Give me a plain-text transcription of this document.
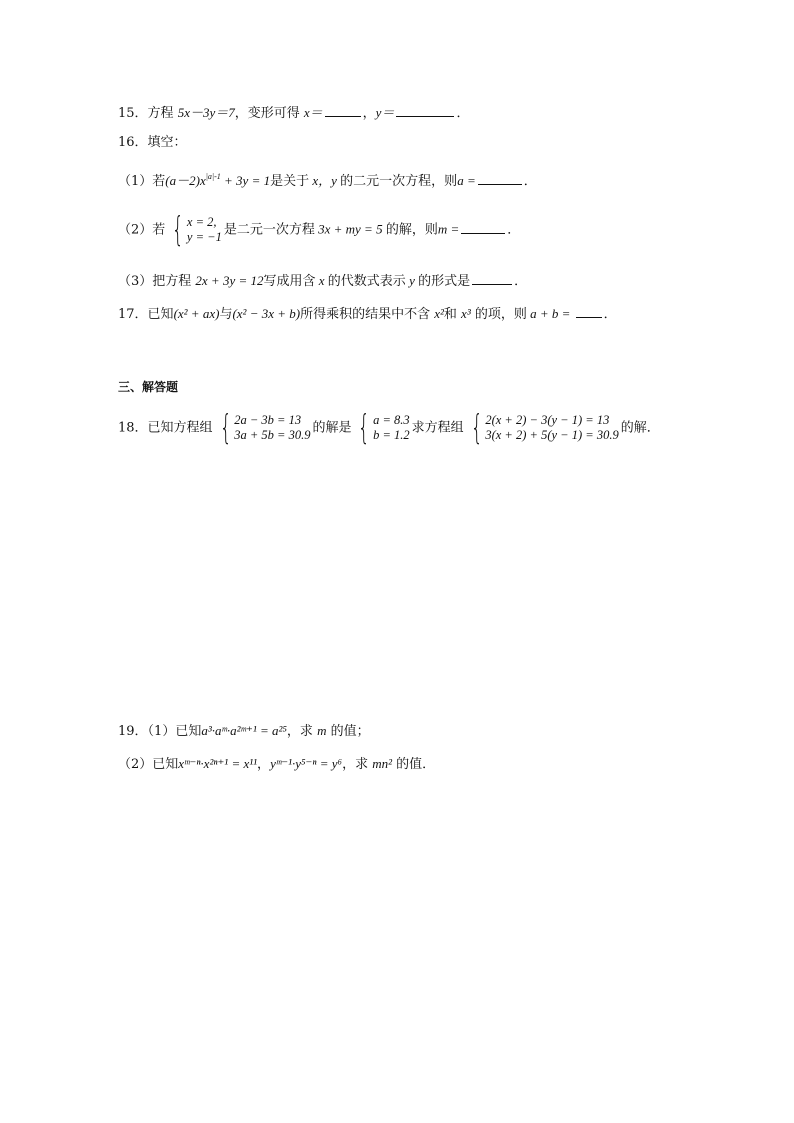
15．方程 5x－3y＝7，变形可得 x＝	，y＝	．
16．填空：
（1）若$(a-2)x^{|a|-1} + 3y = 1$是关于 x，y 的二元一次方程，则a =	．
（2）若 { x = 2,
y = −1 是二元一次方程 3x + my = 5 的解，则m =	．
（3）把方程 2x + 3y = 12写成用含 x 的代数式表示 y 的形式是	．
17．已知(x² + ax)与(x² − 3x + b)所得乘积的结果中不含 x²和 x³ 的项，则 a + b = ．
三、解答题
18．已知方程组 { 2a − 3b = 13
3a + 5b = 30.9 的解是 { a = 8.3
b = 1.2 求方程组 { 2(x + 2) − 3(y − 1) = 13
3(x + 2) + 5(y − 1) = 30.9 的解．
19．（1）已知a³·aᵐ·a²ᵐ⁺¹ = a²⁵，求 m 的值；
（2）已知xᵐ⁻ⁿ·x²ⁿ⁺¹ = x¹¹，yᵐ⁻¹·y⁵⁻ⁿ = y⁶，求 mn² 的值．
